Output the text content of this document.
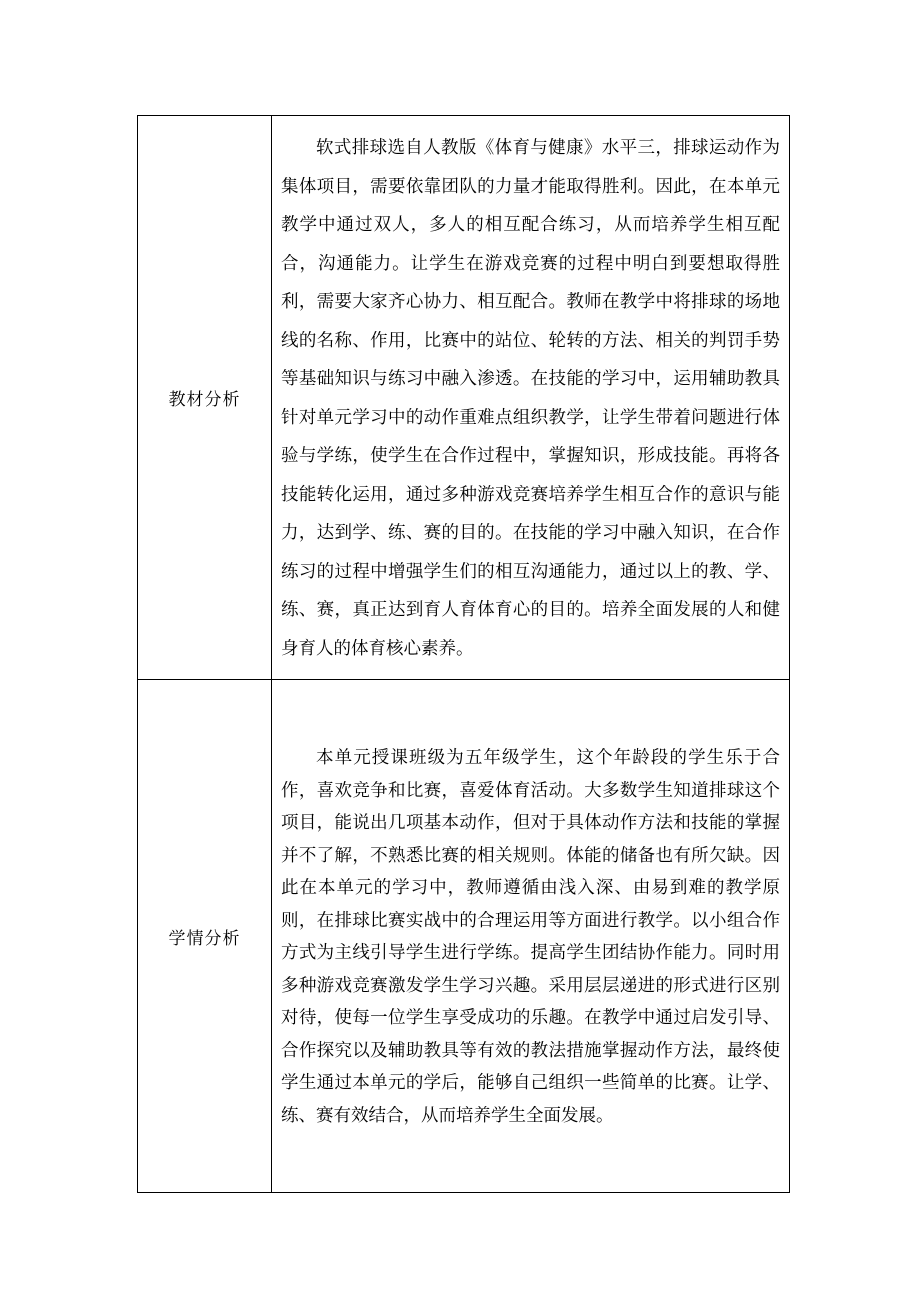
教材分析

软式排球选自人教版《体育与健康》水平三，排球运动作为集体项目，需要依靠团队的力量才能取得胜利。因此，在本单元教学中通过双人，多人的相互配合练习，从而培养学生相互配合，沟通能力。让学生在游戏竞赛的过程中明白到要想取得胜利，需要大家齐心协力、相互配合。教师在教学中将排球的场地线的名称、作用，比赛中的站位、轮转的方法、相关的判罚手势等基础知识与练习中融入渗透。在技能的学习中，运用辅助教具针对单元学习中的动作重难点组织教学，让学生带着问题进行体验与学练，使学生在合作过程中，掌握知识，形成技能。再将各技能转化运用，通过多种游戏竞赛培养学生相互合作的意识与能力，达到学、练、赛的目的。在技能的学习中融入知识，在合作练习的过程中增强学生们的相互沟通能力，通过以上的教、学、练、赛，真正达到育人育体育心的目的。培养全面发展的人和健身育人的体育核心素养。

学情分析

本单元授课班级为五年级学生，这个年龄段的学生乐于合作，喜欢竞争和比赛，喜爱体育活动。大多数学生知道排球这个项目，能说出几项基本动作，但对于具体动作方法和技能的掌握并不了解，不熟悉比赛的相关规则。体能的储备也有所欠缺。因此在本单元的学习中，教师遵循由浅入深、由易到难的教学原则，在排球比赛实战中的合理运用等方面进行教学。以小组合作方式为主线引导学生进行学练。提高学生团结协作能力。同时用多种游戏竞赛激发学生学习兴趣。采用层层递进的形式进行区别对待，使每一位学生享受成功的乐趣。在教学中通过启发引导、合作探究以及辅助教具等有效的教法措施掌握动作方法，最终使学生通过本单元的学后，能够自己组织一些简单的比赛。让学、练、赛有效结合，从而培养学生全面发展。
